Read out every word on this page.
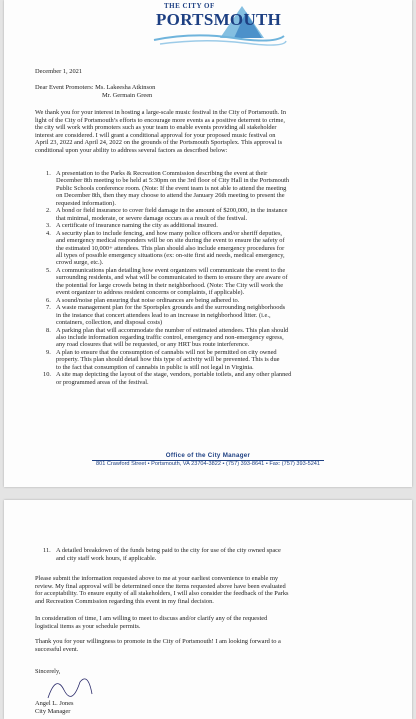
THE CITY OF
PORTSMOUTH
December 1, 2021
Dear Event Promoters: Ms. Lakeesha Atkinson
Mr. Germain Green
We thank you for your interest in hosting a large-scale music festival in the City of Portsmouth. In
light of the City of Portsmouth’s efforts to encourage more events as a positive deterrent to crime,
the city will work with promoters such as your team to enable events providing all stakeholder
interest are considered. I will grant a conditional approval for your proposed music festival on
April 23, 2022 and April 24, 2022 on the grounds of the Portsmouth Sportsplex. This approval is
conditional upon your ability to address several factors as described below:
1. A presentation to the Parks & Recreation Commission describing the event at their
December 8th meeting to be held at 5:30pm on the 3rd floor of City Hall in the Portsmouth
Public Schools conference room. (Note: If the event team is not able to attend the meeting
on December 8th, then they may choose to attend the January 26th meeting to present the
requested information).
2. A bond or field insurance to cover field damage in the amount of $200,000, in the instance
that minimal, moderate, or severe damage occurs as a result of the festival.
3. A certificate of insurance naming the city as additional insured.
4. A security plan to include fencing, and how many police officers and/or sheriff deputies,
and emergency medical responders will be on site during the event to ensure the safety of
the estimated 10,000+ attendees. This plan should also include emergency procedures for
all types of possible emergency situations (ex: on-site first aid needs, medical emergency,
crowd surge, etc.).
5. A communications plan detailing how event organizers will communicate the event to the
surrounding residents, and what will be communicated to them to ensure they are aware of
the potential for large crowds being in their neighborhood. (Note: The City will work the
event organizer to address resident concerns or complaints, if applicable).
6. A sound/noise plan ensuring that noise ordinances are being adhered to.
7. A waste management plan for the Sportsplex grounds and the surrounding neighborhoods
in the instance that concert attendees lead to an increase in neighborhood litter. (i.e.,
containers, collection, and disposal costs)
8. A parking plan that will accommodate the number of estimated attendees. This plan should
also include information regarding traffic control, emergency and non-emergency egress,
any road closures that will be requested, or any HRT bus route interference.
9. A plan to ensure that the consumption of cannabis will not be permitted on city owned
property. This plan should detail how this type of activity will be prevented. This is due
to the fact that consumption of cannabis in public is still not legal in Virginia.
10. A site map depicting the layout of the stage, vendors, portable toilets, and any other planned
or programmed areas of the festival.
Office of the City Manager
801 Crawford Street • Portsmouth, VA 23704-3822 • (757) 393-8641 • Fax: (757) 393-5241
11. A detailed breakdown of the funds being paid to the city for use of the city owned space
and city staff work hours, if applicable.
Please submit the information requested above to me at your earliest convenience to enable my
review. My final approval will be determined once the items requested above have been evaluated
for acceptability. To ensure equity of all stakeholders, I will also consider the feedback of the Parks
and Recreation Commission regarding this event in my final decision.
In consideration of time, I am willing to meet to discuss and/or clarify any of the requested
logistical items as your schedule permits.
Thank you for your willingness to promote in the City of Portsmouth! I am looking forward to a
successful event.
Sincerely,
Angel L. Jones
City Manager
